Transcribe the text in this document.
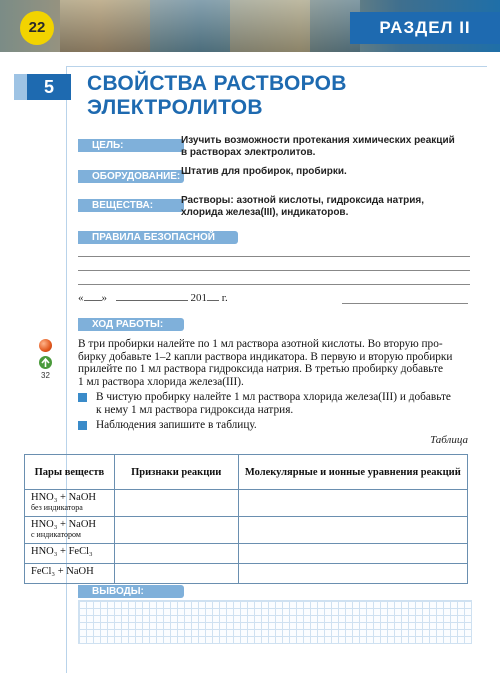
22	РАЗДЕЛ II
5	СВОЙСТВА РАСТВОРОВ
ЭЛЕКТРОЛИТОВ
ЦЕЛЬ:	Изучить возможности протекания химических реакций
в растворах электролитов.
ОБОРУДОВАНИЕ: Штатив для пробирок, пробирки.
ВЕЩЕСТВА:	Растворы: азотной кислоты, гидроксида натрия,
хлорида железа(III), индикаторов.
ПРАВИЛА БЕЗОПАСНОЙ РАБОТЫ:
« »	201 г.
ХОД РАБОТЫ:
32
В три пробирки налейте по 1 мл раствора азотной кислоты. Во вторую про-
бирку добавьте 1–2 капли раствора индикатора. В первую и вторую пробирки
прилейте по 1 мл раствора гидроксида натрия. В третью пробирку добавьте
1 мл раствора хлорида железа(III).
В чистую пробирку налейте 1 мл раствора хлорида железа(III) и добавьте
к нему 1 мл раствора гидроксида натрия.
Наблюдения запишите в таблицу.
Таблица
Пары веществ	Признаки реакции	Молекулярные и ионные уравнения реакций
HNO₃ + NaOH
без индикатора		

HNO₃ + NaOH
с индикатором		

HNO₃ + FeCl₃		
FeCl₃ + NaOH		
ВЫВОДЫ:
